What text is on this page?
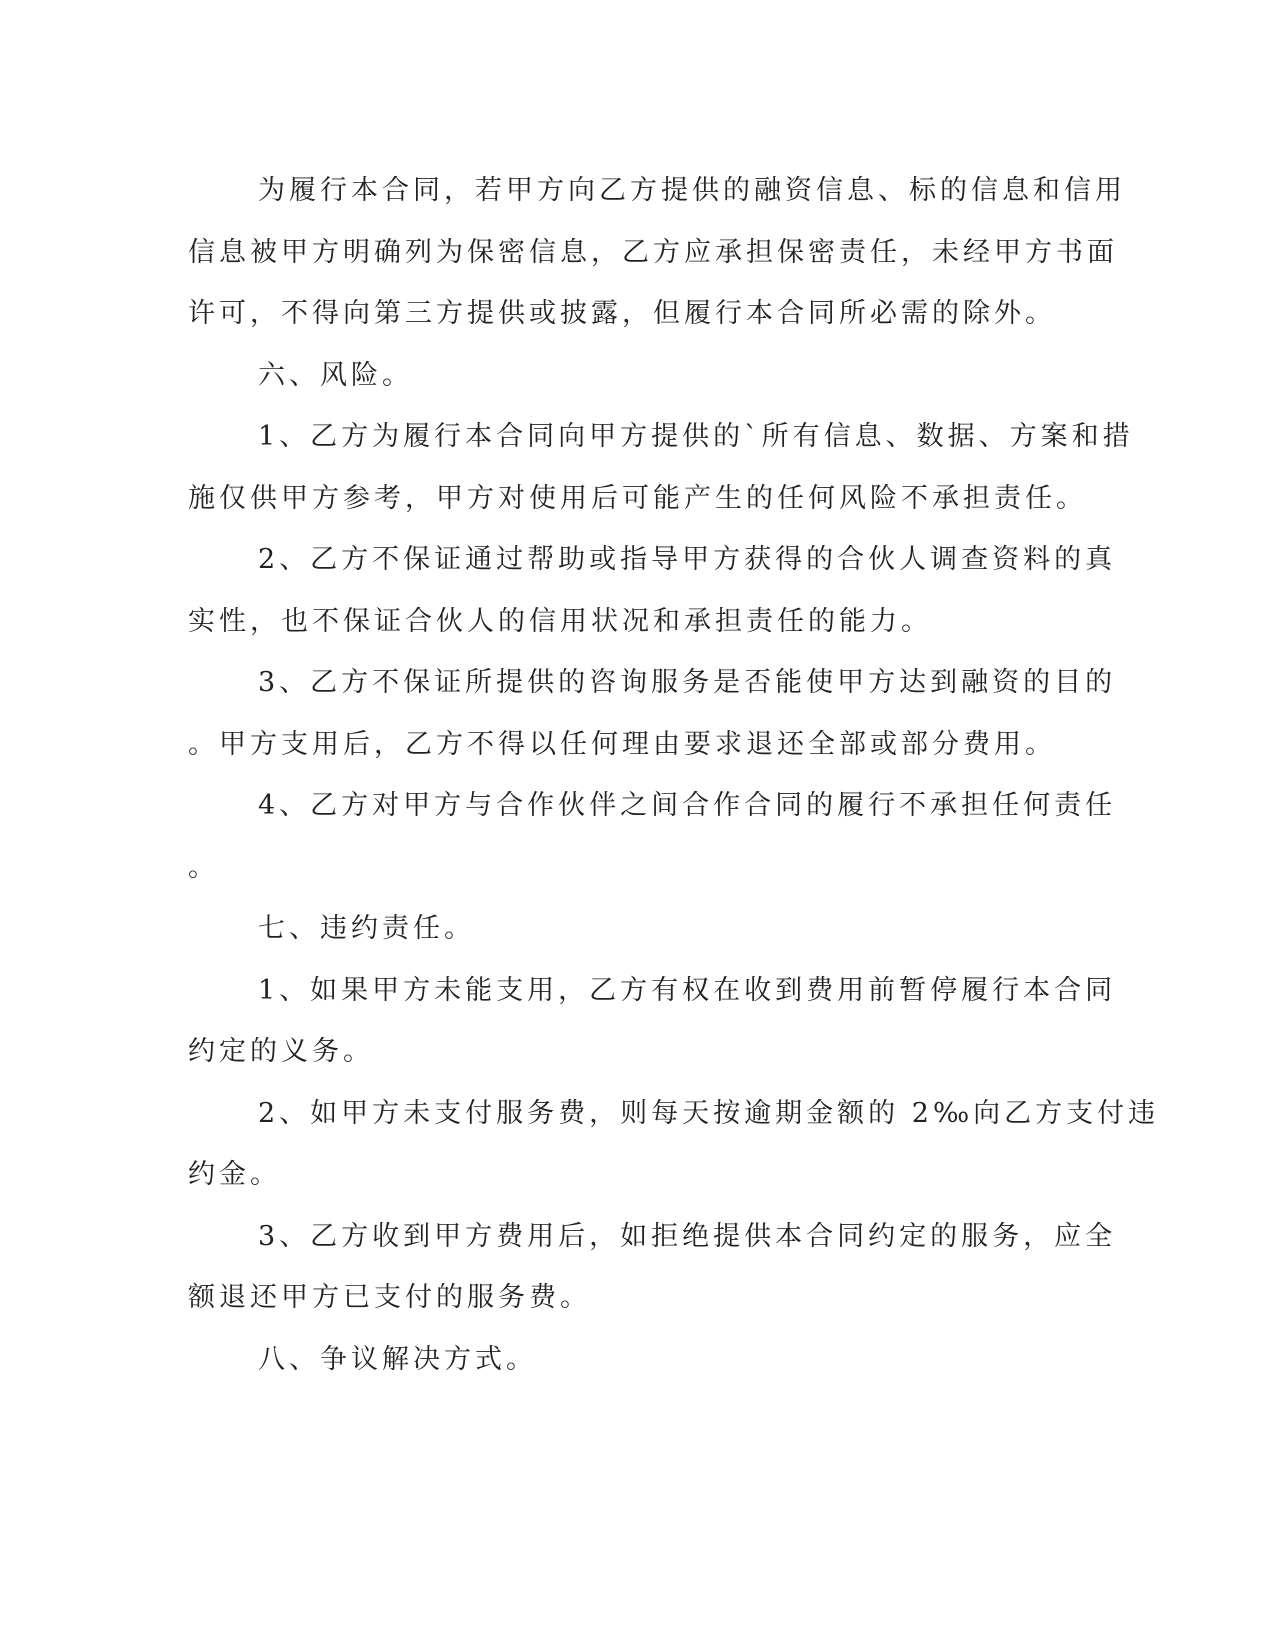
为履行本合同，若甲方向乙方提供的融资信息、标的信息和信用
信息被甲方明确列为保密信息，乙方应承担保密责任，未经甲方书面
许可，不得向第三方提供或披露，但履行本合同所必需的除外。

六、风险。

1、乙方为履行本合同向甲方提供的`所有信息、数据、方案和措
施仅供甲方参考，甲方对使用后可能产生的任何风险不承担责任。

2、乙方不保证通过帮助或指导甲方获得的合伙人调查资料的真
实性，也不保证合伙人的信用状况和承担责任的能力。

3、乙方不保证所提供的咨询服务是否能使甲方达到融资的目的
。甲方支用后，乙方不得以任何理由要求退还全部或部分费用。

4、乙方对甲方与合作伙伴之间合作合同的履行不承担任何责任
。

七、违约责任。

1、如果甲方未能支用，乙方有权在收到费用前暂停履行本合同
约定的义务。

2、如甲方未支付服务费，则每天按逾期金额的 2‰向乙方支付违
约金。

3、乙方收到甲方费用后，如拒绝提供本合同约定的服务，应全
额退还甲方已支付的服务费。

八、争议解决方式。
